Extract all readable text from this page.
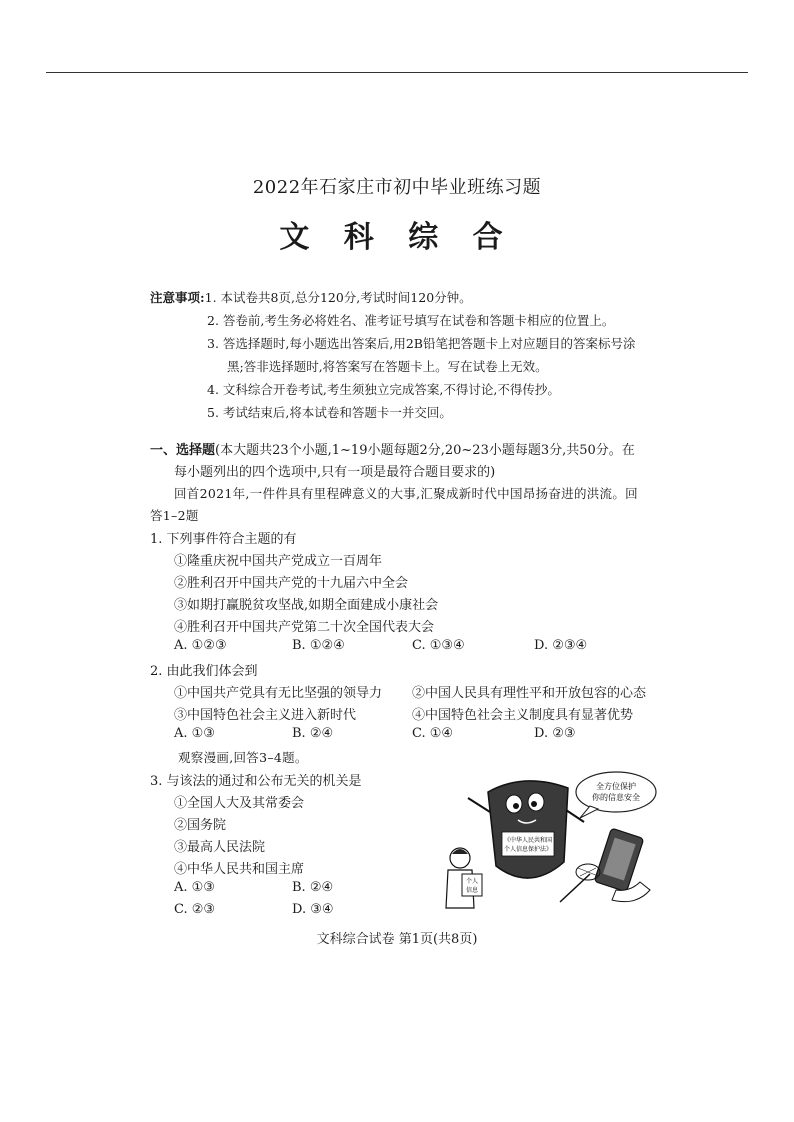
2022年石家庄市初中毕业班练习题
文 科 综 合
注意事项:1. 本试卷共8页,总分120分,考试时间120分钟。
2. 答卷前,考生务必将姓名、准考证号填写在试卷和答题卡相应的位置上。
3. 答选择题时,每小题选出答案后,用2B铅笔把答题卡上对应题目的答案标号涂
黑;答非选择题时,将答案写在答题卡上。写在试卷上无效。
4. 文科综合开卷考试,考生须独立完成答案,不得讨论,不得传抄。
5. 考试结束后,将本试卷和答题卡一并交回。
一、选择题(本大题共23个小题,1~19小题每题2分,20~23小题每题3分,共50分。在
每小题列出的四个选项中,只有一项是最符合题目要求的)
回首2021年,一件件具有里程碑意义的大事,汇聚成新时代中国昂扬奋进的洪流。回
答1–2题
1. 下列事件符合主题的有
①隆重庆祝中国共产党成立一百周年
②胜利召开中国共产党的十九届六中全会
③如期打赢脱贫攻坚战,如期全面建成小康社会
④胜利召开中国共产党第二十次全国代表大会
A. ①②③	B. ①②④	C. ①③④	D. ②③④
2. 由此我们体会到
①中国共产党具有无比坚强的领导力 ②中国人民具有理性平和开放包容的心态
③中国特色社会主义进入新时代	④中国特色社会主义制度具有显著优势
A. ①③	B. ②④	C. ①④	D. ②③
观察漫画,回答3–4题。
3. 与该法的通过和公布无关的机关是
①全国人大及其常委会
②国务院
③最高人民法院
④中华人民共和国主席
A. ①③	B. ②④
C. ②③	D. ③④
全方位保护
你的信息安全
《中华人民共和国
个人信息保护法》
个人
信息
文科综合试卷 第1页(共8页)
